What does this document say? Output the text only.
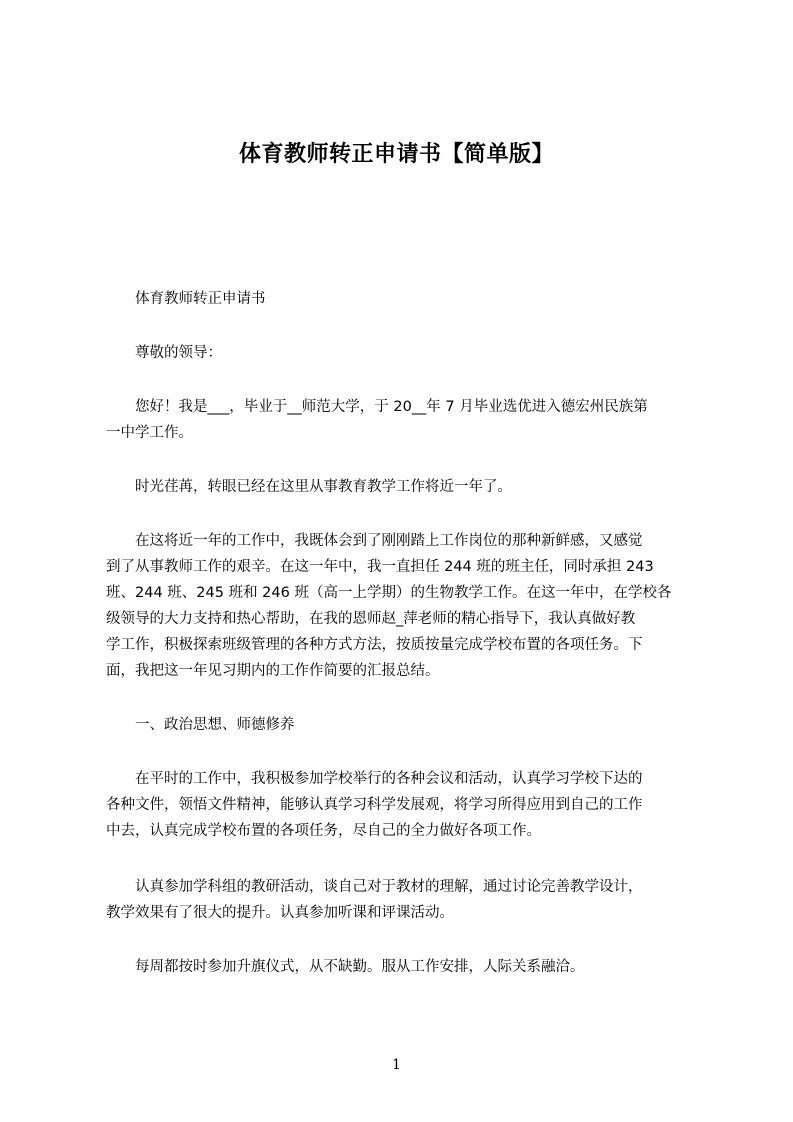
体育教师转正申请书【简单版】
　　体育教师转正申请书
　　尊敬的领导：
　　您好！我是___，毕业于__师范大学，于 20__年 7 月毕业选优进入德宏州民族第
一中学工作。
　　时光荏苒，转眼已经在这里从事教育教学工作将近一年了。
　　在这将近一年的工作中，我既体会到了刚刚踏上工作岗位的那种新鲜感，又感觉
到了从事教师工作的艰辛。在这一年中，我一直担任 244 班的班主任，同时承担 243
班、244 班、245 班和 246 班（高一上学期）的生物教学工作。在这一年中，在学校各
级领导的大力支持和热心帮助，在我的恩师赵_萍老师的精心指导下，我认真做好教
学工作，积极探索班级管理的各种方式方法，按质按量完成学校布置的各项任务。下
面，我把这一年见习期内的工作作简要的汇报总结。
　　一、政治思想、师德修养
　　在平时的工作中，我积极参加学校举行的各种会议和活动，认真学习学校下达的
各种文件，领悟文件精神，能够认真学习科学发展观，将学习所得应用到自己的工作
中去，认真完成学校布置的各项任务，尽自己的全力做好各项工作。
　　认真参加学科组的教研活动，谈自己对于教材的理解，通过讨论完善教学设计，
教学效果有了很大的提升。认真参加听课和评课活动。
　　每周都按时参加升旗仪式，从不缺勤。服从工作安排，人际关系融洽。
1
